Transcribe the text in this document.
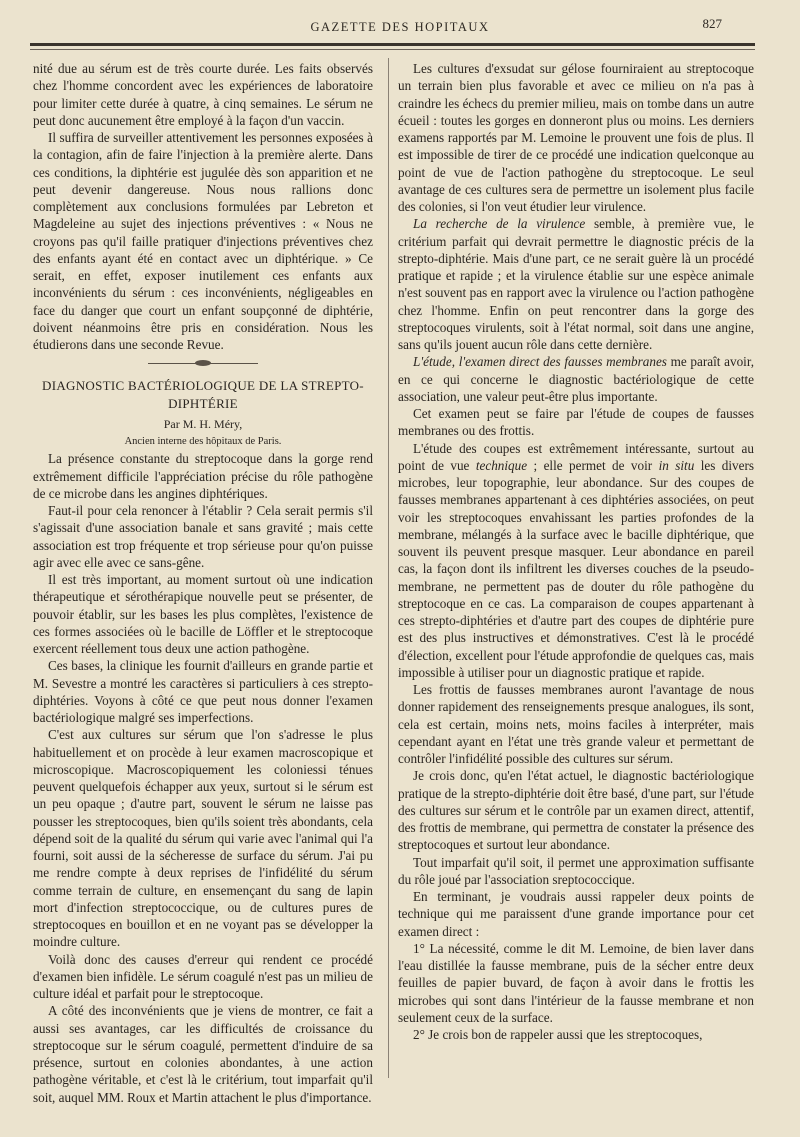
GAZETTE DES HOPITAUX	827

nité due au sérum est de très courte durée. Les faits observés chez l'homme concordent avec les expériences de laboratoire pour limiter cette durée à quatre, à cinq semaines. Le sérum ne peut donc aucunement être employé à la façon d'un vaccin.

Il suffira de surveiller attentivement les personnes exposées à la contagion, afin de faire l'injection à la première alerte. Dans ces conditions, la diphtérie est jugulée dès son apparition et ne peut devenir dangereuse. Nous nous rallions donc complètement aux conclusions formulées par Lebreton et Magdeleine au sujet des injections préventives : « Nous ne croyons pas qu'il faille pratiquer d'injections préventives chez des enfants ayant été en contact avec un diphtérique. » Ce serait, en effet, exposer inutilement ces enfants aux inconvénients du sérum : ces inconvénients, négligeables en face du danger que court un enfant soupçonné de diphtérie, doivent néanmoins être pris en considération. Nous les étudierons dans une seconde Revue.

DIAGNOSTIC BACTÉRIOLOGIQUE DE LA STREPTO-DIPHTÉRIE

Par M. H. Méry,

Ancien interne des hôpitaux de Paris.

La présence constante du streptocoque dans la gorge rend extrêmement difficile l'appréciation précise du rôle pathogène de ce microbe dans les angines diphtériques.

Faut-il pour cela renoncer à l'établir ? Cela serait permis s'il s'agissait d'une association banale et sans gravité ; mais cette association est trop fréquente et trop sérieuse pour qu'on puisse agir avec elle avec ce sans-gêne.

Il est très important, au moment surtout où une indication thérapeutique et sérothérapique nouvelle peut se présenter, de pouvoir établir, sur les bases les plus complètes, l'existence de ces formes associées où le bacille de Löffler et le streptocoque exercent réellement tous deux une action pathogène.

Ces bases, la clinique les fournit d'ailleurs en grande partie et M. Sevestre a montré les caractères si particuliers à ces strepto-diphtéries. Voyons à côté ce que peut nous donner l'examen bactériologique malgré ses imperfections.

C'est aux cultures sur sérum que l'on s'adresse le plus habituellement et on procède à leur examen macroscopique et microscopique. Macroscopiquement les coloniessi ténues peuvent quelquefois échapper aux yeux, surtout si le sérum est un peu opaque ; d'autre part, souvent le sérum ne laisse pas pousser les streptocoques, bien qu'ils soient très abondants, cela dépend soit de la qualité du sérum qui varie avec l'animal qui l'a fourni, soit aussi de la sécheresse de surface du sérum. J'ai pu me rendre compte à deux reprises de l'infidélité du sérum comme terrain de culture, en ensemençant du sang de lapin mort d'infection streptococcique, ou de cultures pures de streptocoques en bouillon et en ne voyant pas se développer la moindre culture.

Voilà donc des causes d'erreur qui rendent ce procédé d'examen bien infidèle. Le sérum coagulé n'est pas un milieu de culture idéal et parfait pour le streptocoque.

A côté des inconvénients que je viens de montrer, ce fait a aussi ses avantages, car les difficultés de croissance du streptocoque sur le sérum coagulé, permettent d'induire de sa présence, surtout en colonies abondantes, à une action pathogène véritable, et c'est là le critérium, tout imparfait qu'il soit, auquel MM. Roux et Martin attachent le plus d'importance.

Les cultures d'exsudat sur gélose fourniraient au streptocoque un terrain bien plus favorable et avec ce milieu on n'a pas à craindre les échecs du premier milieu, mais on tombe dans un autre écueil : toutes les gorges en donneront plus ou moins. Les derniers examens rapportés par M. Lemoine le prouvent une fois de plus. Il est impossible de tirer de ce procédé une indication quelconque au point de vue de l'action pathogène du streptocoque. Le seul avantage de ces cultures sera de permettre un isolement plus facile des colonies, si l'on veut étudier leur virulence.

La recherche de la virulence semble, à première vue, le critérium parfait qui devrait permettre le diagnostic précis de la strepto-diphtérie. Mais d'une part, ce ne serait guère là un procédé pratique et rapide ; et la virulence établie sur une espèce animale n'est souvent pas en rapport avec la virulence ou l'action pathogène chez l'homme. Enfin on peut rencontrer dans la gorge des streptocoques virulents, soit à l'état normal, soit dans une angine, sans qu'ils jouent aucun rôle dans cette dernière.

L'étude, l'examen direct des fausses membranes me paraît avoir, en ce qui concerne le diagnostic bactériologique de cette association, une valeur peut-être plus importante.

Cet examen peut se faire par l'étude de coupes de fausses membranes ou des frottis.

L'étude des coupes est extrêmement intéressante, surtout au point de vue technique ; elle permet de voir in situ les divers microbes, leur topographie, leur abondance. Sur des coupes de fausses membranes appartenant à ces diphtéries associées, on peut voir les streptocoques envahissant les parties profondes de la membrane, mélangés à la surface avec le bacille diphtérique, que souvent ils peuvent presque masquer. Leur abondance en pareil cas, la façon dont ils infiltrent les diverses couches de la pseudo-membrane, ne permettent pas de douter du rôle pathogène du streptocoque en ce cas. La comparaison de coupes appartenant à ces strepto-diphtéries et d'autre part des coupes de diphtérie pure est des plus instructives et démonstratives. C'est là le procédé d'élection, excellent pour l'étude approfondie de quelques cas, mais impossible à utiliser pour un diagnostic pratique et rapide.

Les frottis de fausses membranes auront l'avantage de nous donner rapidement des renseignements presque analogues, ils sont, cela est certain, moins nets, moins faciles à interpréter, mais cependant ayant en l'état une très grande valeur et permettant de contrôler l'infidélité possible des cultures sur sérum.

Je crois donc, qu'en l'état actuel, le diagnostic bactériologique pratique de la strepto-diphtérie doit être basé, d'une part, sur l'étude des cultures sur sérum et le contrôle par un examen direct, attentif, des frottis de membrane, qui permettra de constater la présence des streptocoques et surtout leur abondance.

Tout imparfait qu'il soit, il permet une approximation suffisante du rôle joué par l'association sreptococcique.

En terminant, je voudrais aussi rappeler deux points de technique qui me paraissent d'une grande importance pour cet examen direct :

1° La nécessité, comme le dit M. Lemoine, de bien laver dans l'eau distillée la fausse membrane, puis de la sécher entre deux feuilles de papier buvard, de façon à avoir dans le frottis les microbes qui sont dans l'intérieur de la fausse membrane et non seulement ceux de la surface.

2° Je crois bon de rappeler aussi que les streptocoques,
